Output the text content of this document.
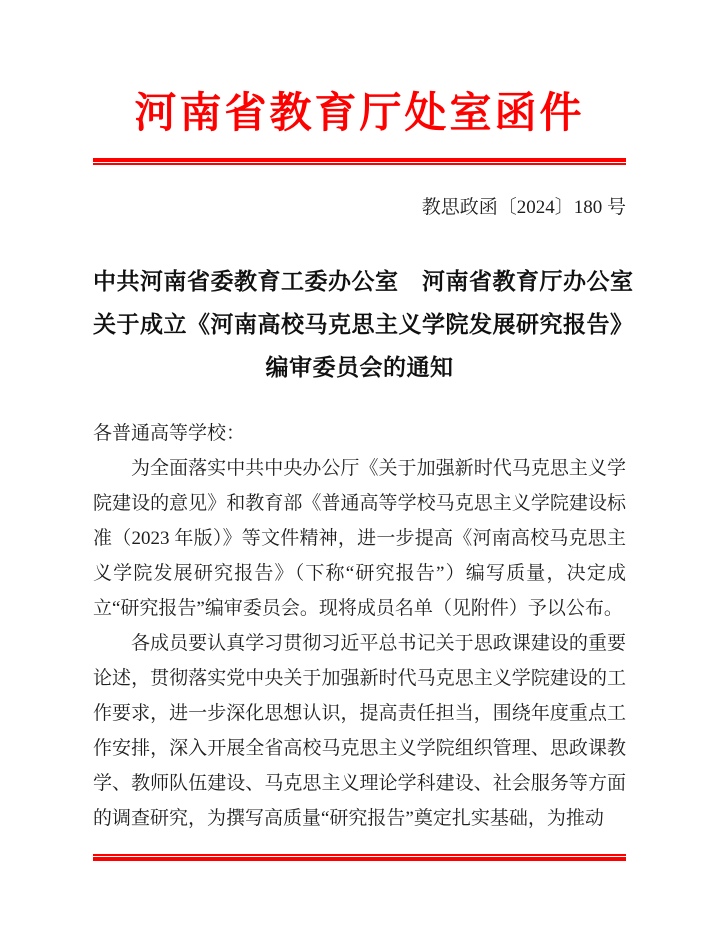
河南省教育厅处室函件
教思政函〔2024〕180 号
中共河南省委教育工委办公室　河南省教育厅办公室
关于成立《河南高校马克思主义学院发展研究报告》
编审委员会的通知
各普通高等学校：
为全面落实中共中央办公厅《关于加强新时代马克思主义学院建设的意见》和教育部《普通高等学校马克思主义学院建设标准（2023 年版）》等文件精神，进一步提高《河南高校马克思主义学院发展研究报告》（下称“研究报告”）编写质量，决定成立“研究报告”编审委员会。现将成员名单（见附件）予以公布。
各成员要认真学习贯彻习近平总书记关于思政课建设的重要论述，贯彻落实党中央关于加强新时代马克思主义学院建设的工作要求，进一步深化思想认识，提高责任担当，围绕年度重点工作安排，深入开展全省高校马克思主义学院组织管理、思政课教学、教师队伍建设、马克思主义理论学科建设、社会服务等方面的调查研究，为撰写高质量“研究报告”奠定扎实基础，为推动
